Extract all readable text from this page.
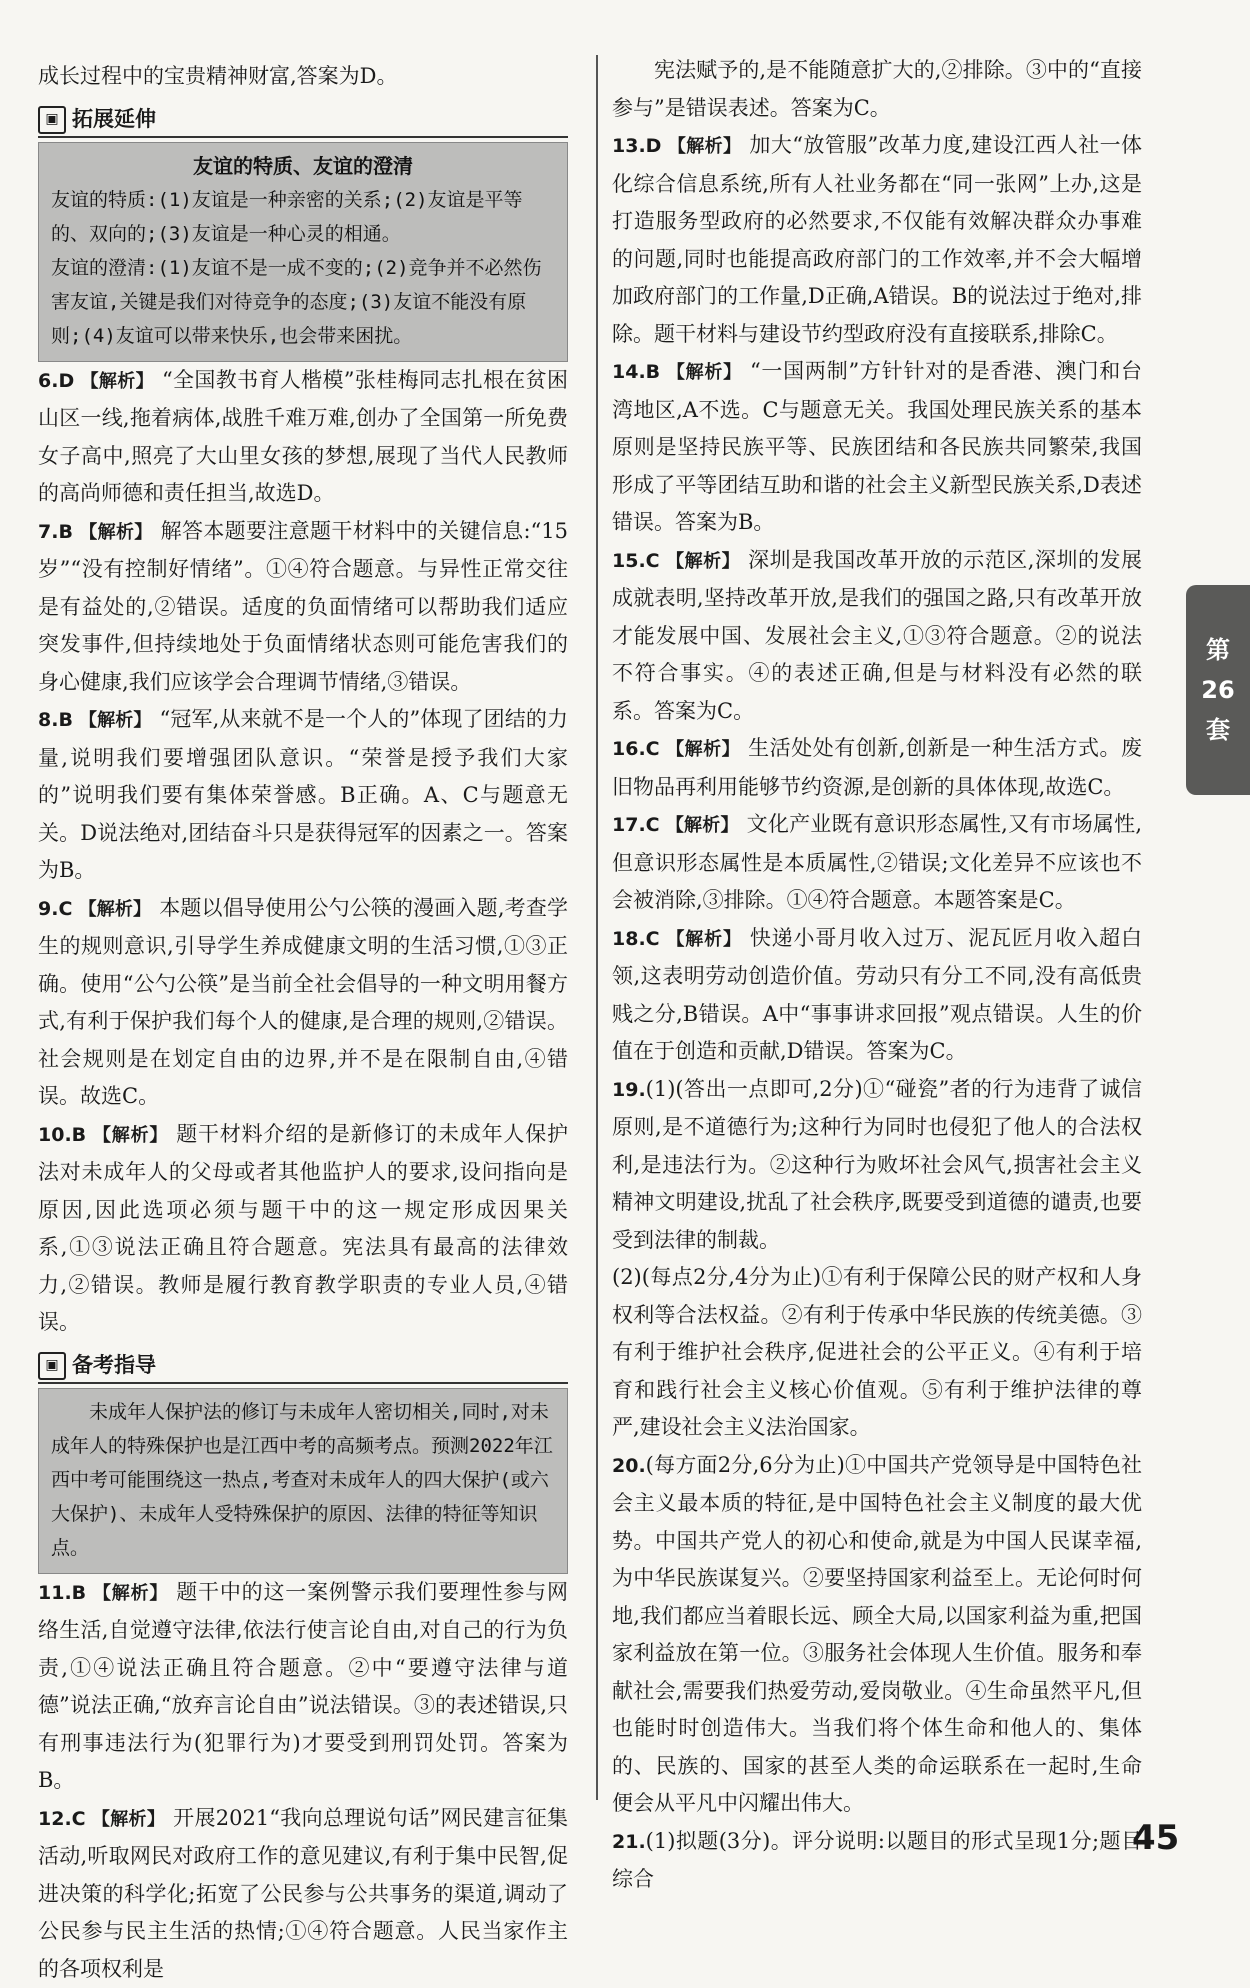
成长过程中的宝贵精神财富,答案为D。

▣ 拓展延伸
友谊的特质、友谊的澄清
友谊的特质:(1)友谊是一种亲密的关系;(2)友谊是平等的、双向的;(3)友谊是一种心灵的相通。
友谊的澄清:(1)友谊不是一成不变的;(2)竞争并不必然伤害友谊,关键是我们对待竞争的态度;(3)友谊不能没有原则;(4)友谊可以带来快乐,也会带来困扰。

6.D 【解析】 “全国教书育人楷模”张桂梅同志扎根在贫困山区一线,拖着病体,战胜千难万难,创办了全国第一所免费女子高中,照亮了大山里女孩的梦想,展现了当代人民教师的高尚师德和责任担当,故选D。

7.B 【解析】 解答本题要注意题干材料中的关键信息:“15岁”“没有控制好情绪”。①④符合题意。与异性正常交往是有益处的,②错误。适度的负面情绪可以帮助我们适应突发事件,但持续地处于负面情绪状态则可能危害我们的身心健康,我们应该学会合理调节情绪,③错误。

8.B 【解析】 “冠军,从来就不是一个人的”体现了团结的力量,说明我们要增强团队意识。“荣誉是授予我们大家的”说明我们要有集体荣誉感。B正确。A、C与题意无关。D说法绝对,团结奋斗只是获得冠军的因素之一。答案为B。

9.C 【解析】 本题以倡导使用公勺公筷的漫画入题,考查学生的规则意识,引导学生养成健康文明的生活习惯,①③正确。使用“公勺公筷”是当前全社会倡导的一种文明用餐方式,有利于保护我们每个人的健康,是合理的规则,②错误。社会规则是在划定自由的边界,并不是在限制自由,④错误。故选C。

10.B 【解析】 题干材料介绍的是新修订的未成年人保护法对未成年人的父母或者其他监护人的要求,设问指向是原因,因此选项必须与题干中的这一规定形成因果关系,①③说法正确且符合题意。宪法具有最高的法律效力,②错误。教师是履行教育教学职责的专业人员,④错误。

▣ 备考指导
未成年人保护法的修订与未成年人密切相关,同时,对未成年人的特殊保护也是江西中考的高频考点。预测2022年江西中考可能围绕这一热点,考查对未成年人的四大保护(或六大保护)、未成年人受特殊保护的原因、法律的特征等知识点。

11.B 【解析】 题干中的这一案例警示我们要理性参与网络生活,自觉遵守法律,依法行使言论自由,对自己的行为负责,①④说法正确且符合题意。②中“要遵守法律与道德”说法正确,“放弃言论自由”说法错误。③的表述错误,只有刑事违法行为(犯罪行为)才要受到刑罚处罚。答案为B。

12.C 【解析】 开展2021“我向总理说句话”网民建言征集活动,听取网民对政府工作的意见建议,有利于集中民智,促进决策的科学化;拓宽了公民参与公共事务的渠道,调动了公民参与民主生活的热情;①④符合题意。人民当家作主的各项权利是

宪法赋予的,是不能随意扩大的,②排除。③中的“直接参与”是错误表述。答案为C。

13.D 【解析】 加大“放管服”改革力度,建设江西人社一体化综合信息系统,所有人社业务都在“同一张网”上办,这是打造服务型政府的必然要求,不仅能有效解决群众办事难的问题,同时也能提高政府部门的工作效率,并不会大幅增加政府部门的工作量,D正确,A错误。B的说法过于绝对,排除。题干材料与建设节约型政府没有直接联系,排除C。

14.B 【解析】 “一国两制”方针针对的是香港、澳门和台湾地区,A不选。C与题意无关。我国处理民族关系的基本原则是坚持民族平等、民族团结和各民族共同繁荣,我国形成了平等团结互助和谐的社会主义新型民族关系,D表述错误。答案为B。

15.C 【解析】 深圳是我国改革开放的示范区,深圳的发展成就表明,坚持改革开放,是我们的强国之路,只有改革开放才能发展中国、发展社会主义,①③符合题意。②的说法不符合事实。④的表述正确,但是与材料没有必然的联系。答案为C。

16.C 【解析】 生活处处有创新,创新是一种生活方式。废旧物品再利用能够节约资源,是创新的具体体现,故选C。

17.C 【解析】 文化产业既有意识形态属性,又有市场属性,但意识形态属性是本质属性,②错误;文化差异不应该也不会被消除,③排除。①④符合题意。本题答案是C。

18.C 【解析】 快递小哥月收入过万、泥瓦匠月收入超白领,这表明劳动创造价值。劳动只有分工不同,没有高低贵贱之分,B错误。A中“事事讲求回报”观点错误。人生的价值在于创造和贡献,D错误。答案为C。

19.(1)(答出一点即可,2分)①“碰瓷”者的行为违背了诚信原则,是不道德行为;这种行为同时也侵犯了他人的合法权利,是违法行为。②这种行为败坏社会风气,损害社会主义精神文明建设,扰乱了社会秩序,既要受到道德的谴责,也要受到法律的制裁。

(2)(每点2分,4分为止)①有利于保障公民的财产权和人身权利等合法权益。②有利于传承中华民族的传统美德。③有利于维护社会秩序,促进社会的公平正义。④有利于培育和践行社会主义核心价值观。⑤有利于维护法律的尊严,建设社会主义法治国家。

20.(每方面2分,6分为止)①中国共产党领导是中国特色社会主义最本质的特征,是中国特色社会主义制度的最大优势。中国共产党人的初心和使命,就是为中国人民谋幸福,为中华民族谋复兴。②要坚持国家利益至上。无论何时何地,我们都应当着眼长远、顾全大局,以国家利益为重,把国家利益放在第一位。③服务社会体现人生价值。服务和奉献社会,需要我们热爱劳动,爱岗敬业。④生命虽然平凡,但也能时时创造伟大。当我们将个体生命和他人的、集体的、民族的、国家的甚至人类的命运联系在一起时,生命便会从平凡中闪耀出伟大。

21.(1)拟题(3分)。评分说明:以题目的形式呈现1分;题目综合

第
26
套
45
